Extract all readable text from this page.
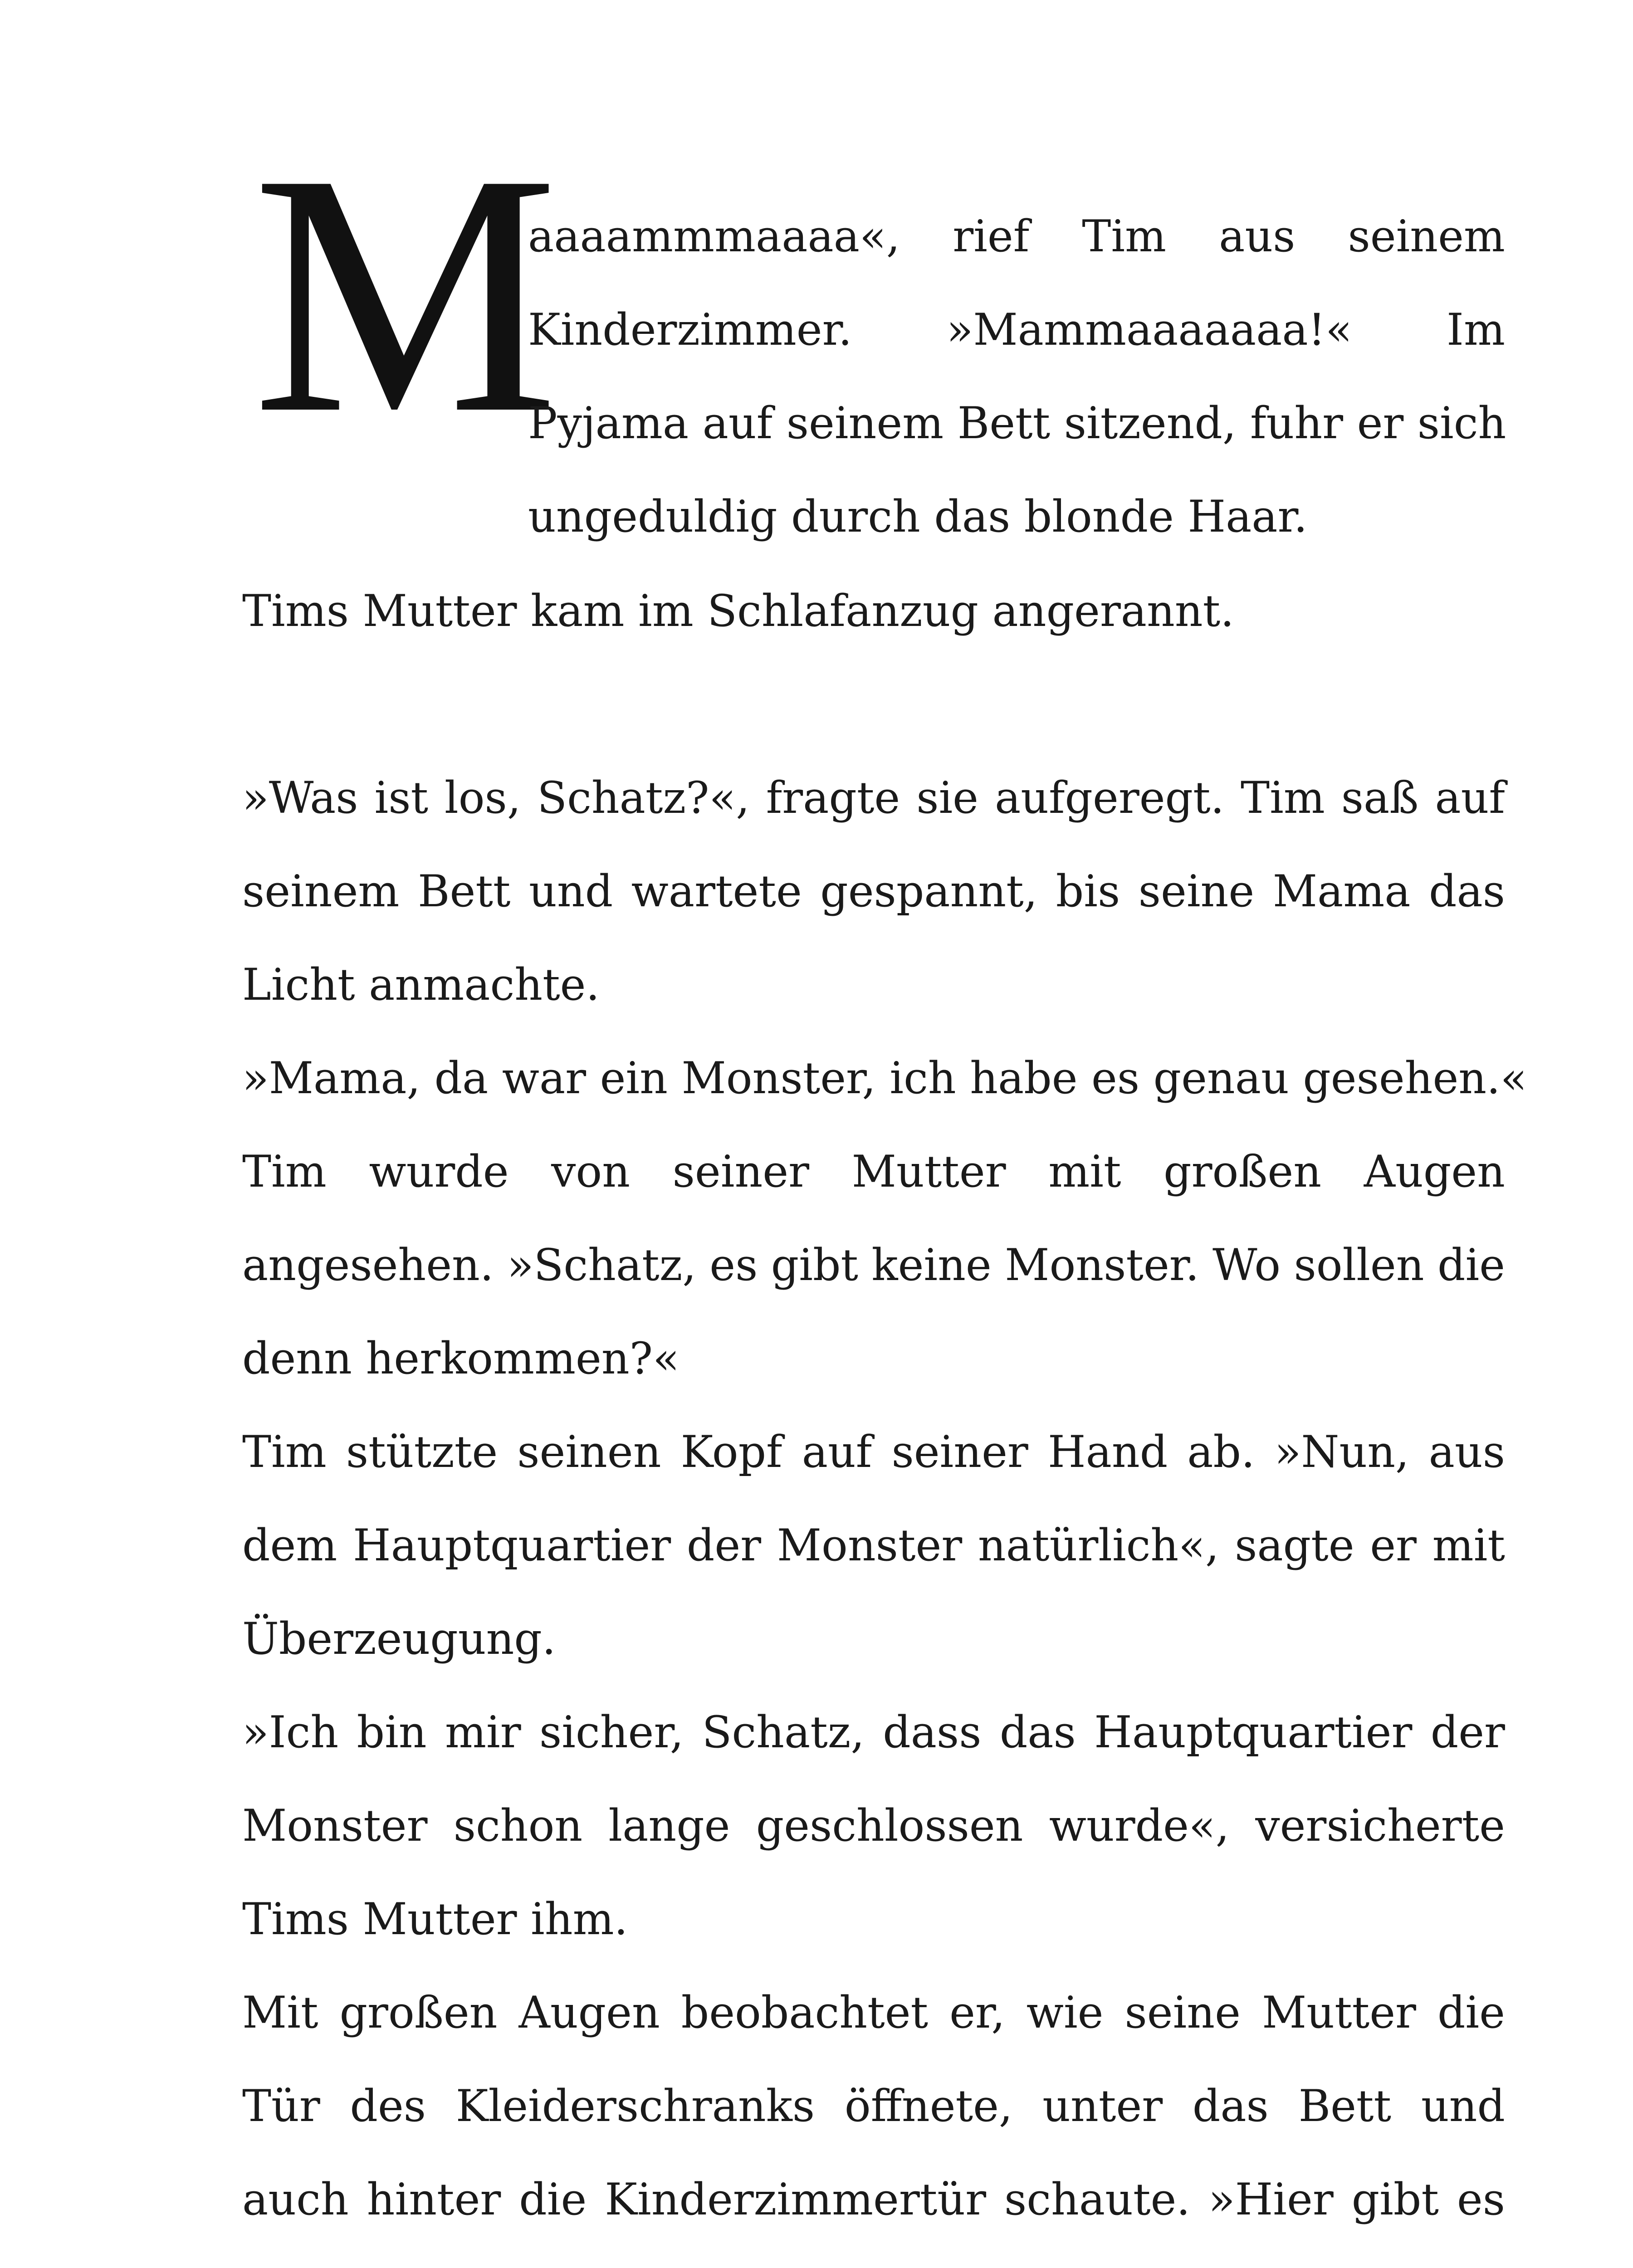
M
aaaammmaaaa«, rief Tim aus seinem
Kinderzimmer. »Mammaaaaaaa!« Im
Pyjama auf seinem Bett sitzend, fuhr er sich
ungeduldig durch das blonde Haar.
Tims Mutter kam im Schlafanzug angerannt.
»Was ist los, Schatz?«, fragte sie aufgeregt. Tim saß auf
seinem Bett und wartete gespannt, bis seine Mama das
Licht anmachte.
»Mama, da war ein Monster, ich habe es genau gesehen.«
Tim wurde von seiner Mutter mit großen Augen
angesehen. »Schatz, es gibt keine Monster. Wo sollen die
denn herkommen?«
Tim stützte seinen Kopf auf seiner Hand ab. »Nun, aus
dem Hauptquartier der Monster natürlich«, sagte er mit
Überzeugung.
»Ich bin mir sicher, Schatz, dass das Hauptquartier der
Monster schon lange geschlossen wurde«, versicherte
Tims Mutter ihm.
Mit großen Augen beobachtet er, wie seine Mutter die
Tür des Kleiderschranks öffnete, unter das Bett und
auch hinter die Kinderzimmertür schaute. »Hier gibt es
